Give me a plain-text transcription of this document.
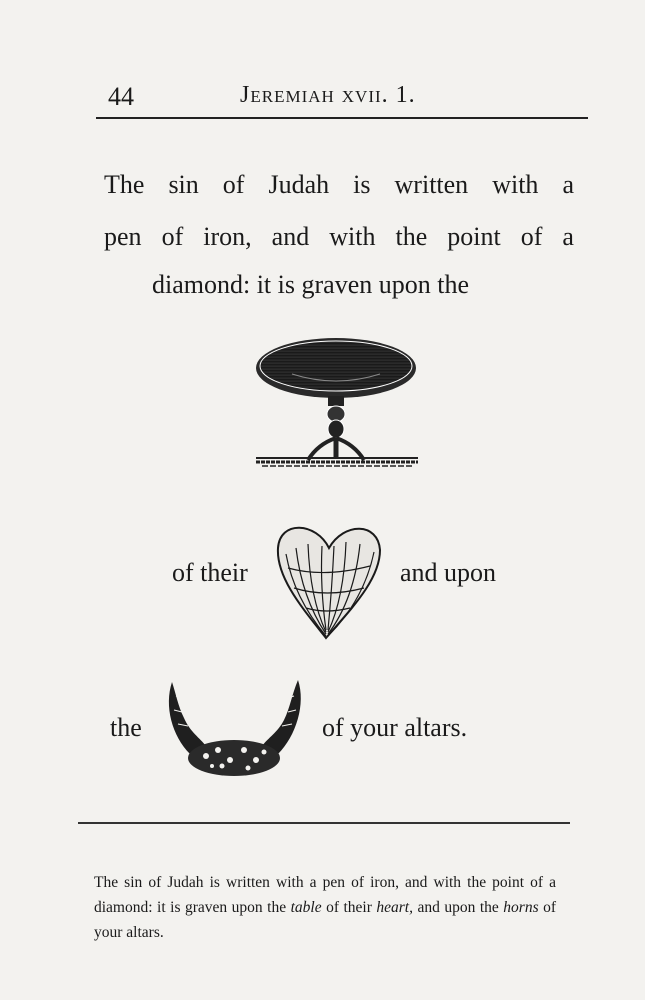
44	Jeremiah xvii. 1.
The sin of Judah is written with a
pen of iron, and with the point of a
diamond: it is graven upon the
of their	and upon
the	of your altars.
The sin of Judah is written with a pen of iron, and with the point of a diamond: it is graven upon the table of their heart, and upon the horns of your altars.
